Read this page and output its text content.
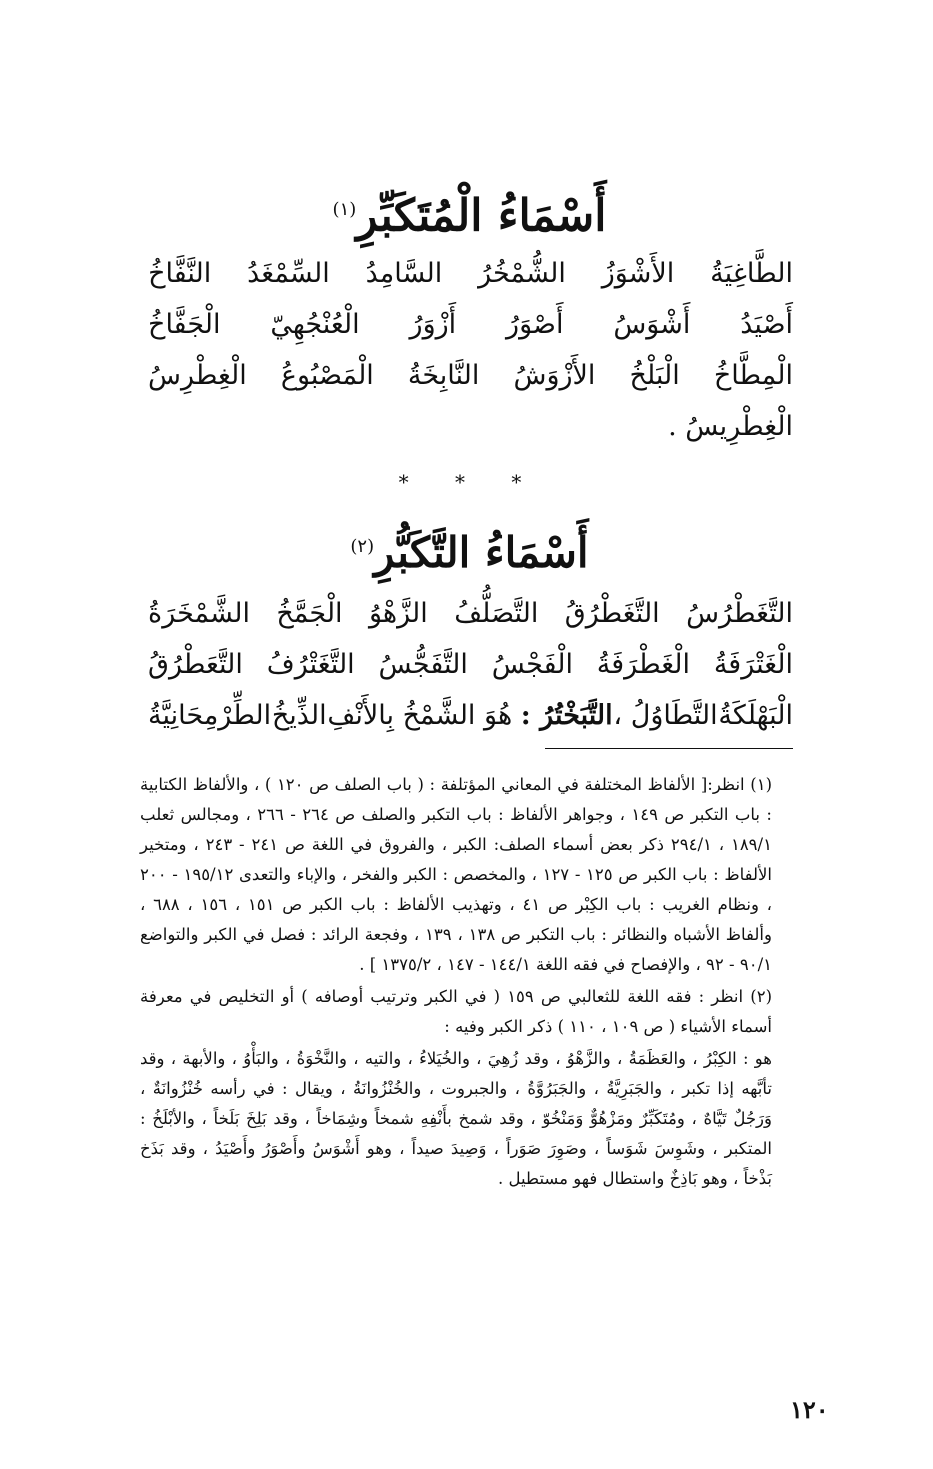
أَسْمَاءُ الْمُتَكَبِّرِ$^{(١)}$
الطَّاغِيَةُ
الأَشْوَزُ
الشُّمْخُرُ
السَّامِدُ
السِّمْغَدُ
النَّفَّاخُ
أَصْيَدُ
أَشْوَسُ
أَصْوَرُ
أَزْوَرُ
الْعُنْجُهِيّ
الْجَفَّاخُ
الْمِطَّاخُ
الْبَلْخُ
الأَزْوَشُ
النَّابِخَةُ
الْمَصْبُوعُ
الْغِطْرِسُ
الْغِطْرِيسُ .
* * *
أَسْمَاءُ التَّكَبُّرِ$^{(٢)}$
التَّغَطْرُسُ
التَّغَطْرُقُ
التَّصَلُّفُ
الزَّهْوُ
الْجَمَّخُ
الشَّمْخَرَةُ
الْغَتْرَفَةُ
الْغَطْرَفَةُ
الْفَجْسُ
التَّفَجُّسُ
التَّغَتْرُفُ
التَّعَطْرُقُ
الْبَهْلَكَةُ
التَّطَاوُلُ ،
التَّبَخْتُرُ : هُوَ الشَّمْخُ بِالأَنْفِ
الذِّيخُ
الطِّرْمِحَانِيَّةُ

(١) انظر:[ الألفاظ المختلفة في المعاني المؤتلفة : ( باب الصلف ص ١٢٠ ) ، والألفاظ الكتابية : باب التكبر ص ١٤٩ ، وجواهر الألفاظ : باب التكبر والصلف ص ٢٦٤ - ٢٦٦ ، ومجالس ثعلب ١٨٩/١ ، ٢٩٤/١ ذكر بعض أسماء الصلف: الكبر ، والفروق في اللغة ص ٢٤١ - ٢٤٣ ، ومتخير الألفاظ : باب الكبر ص ١٢٥ - ١٢٧ ، والمخصص : الكبر والفخر ، والإباء والتعدى ١٩٥/١٢ - ٢٠٠ ، ونظام الغريب : باب الكِبْر ص ٤١ ، وتهذيب الألفاظ : باب الكبر ص ١٥١ ، ١٥٦ ، ٦٨٨ ، وألفاظ الأشباه والنظائر : باب التكبر ص ١٣٨ ، ١٣٩ ، وفجعة الرائد : فصل في الكبر والتواضع ٩٠/١ - ٩٢ ، والإفصاح في فقه اللغة ١٤٤/١ - ١٤٧ ، ١٣٧٥/٢ ] .

(٢) انظر : فقه اللغة للثعالبي ص ١٥٩ ( في الكبر وترتيب أوصافه ) أو التخليص في معرفة أسماء الأشياء ( ص ١٠٩ ، ١١٠ ) ذكر الكبر وفيه :

هو : الكِبْرُ ، والعَظَمَةُ ، والزَّهْوُ ، وقد زُهِيَ ، والخُيَلاءُ ، والتيه ، والنَّخْوَةُ ، والبَأْوُ ، والأبهة ، وقد تأبَّهه إذا تكبر ، والجَبَرِيَّةُ ، والجَبَرُوَّةُ ، والجبروت ، والخُنْزُوانَةُ ، ويقال : في رأسه خُنْزُوانَةٌ ، وَرَجُلٌ تَيَّاهٌ ، ومُتَكَبِّرٌ ومَزْهُوٌّ وَمَنْخُوّ ، وقد شمخ بأَنْفِهِ شمخاً وشِمَاخاً ، وقد بَلِخَ بَلَخاً ، والأبْلَخُ : المتكبر ، وشَوِسَ شَوَساً ، وصَوِرَ صَوَراً ، وَصِيدَ صيداً ، وهو أَشْوَسُ وأَصْوَرُ وأَصْيَدُ ، وقد بَذَخ بَذْخاً ، وهو بَاذِخٌ واستطال فهو مستطيل .

١٢٠
